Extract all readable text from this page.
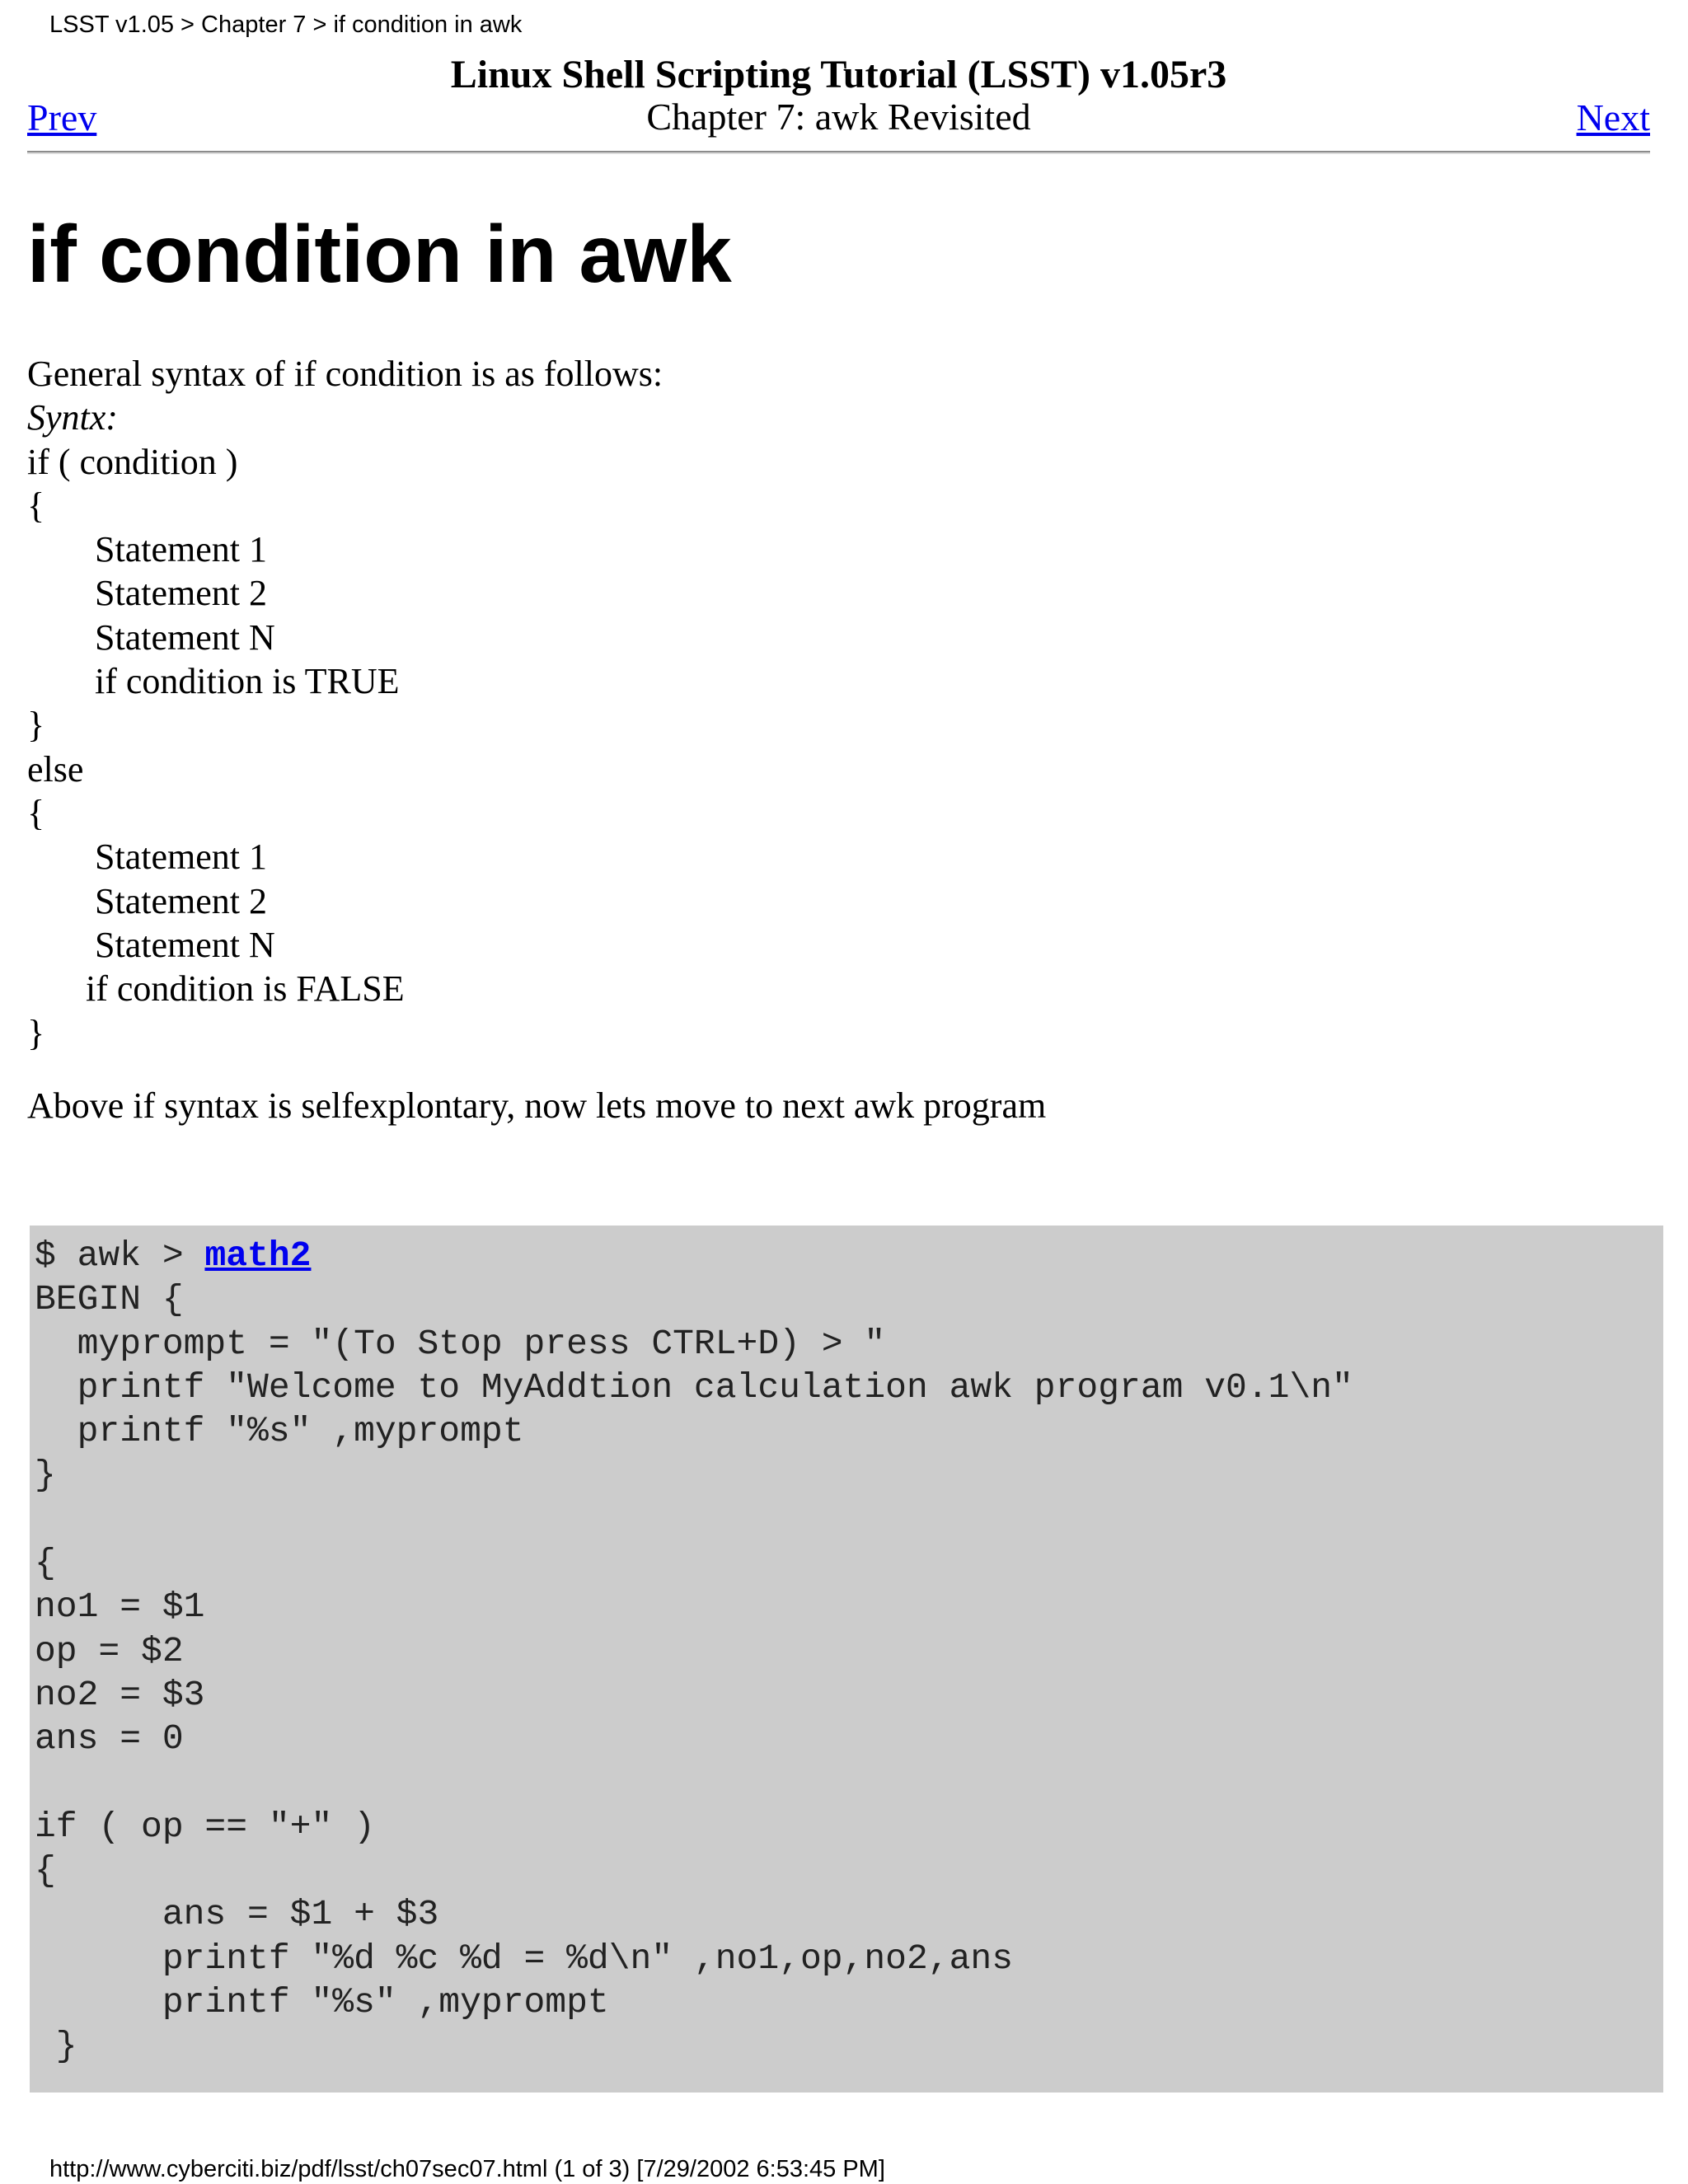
LSST v1.05 > Chapter 7 > if condition in awk
Prev
Linux Shell Scripting Tutorial (LSST) v1.05r3
Chapter 7: awk Revisited	Next
if condition in awk
General syntax of if condition is as follows:
Syntx:
if ( condition )
{
Statement 1
Statement 2
Statement N
if condition is TRUE
}
else
{
Statement 1
Statement 2
Statement N
if condition is FALSE
}
Above if syntax is selfexplontary, now lets move to next awk program
$ awk > math2
BEGIN {
myprompt = "(To Stop press CTRL+D) > "
printf "Welcome to MyAddtion calculation awk program v0.1\n"
printf "%s" ,myprompt
}
{
no1 = $1
op = $2
no2 = $3
ans = 0
if ( op == "+" )
{
ans = $1 + $3
printf "%d %c %d = %d\n" ,no1,op,no2,ans
printf "%s" ,myprompt
}
http://www.cyberciti.biz/pdf/lsst/ch07sec07.html (1 of 3) [7/29/2002 6:53:45 PM]
